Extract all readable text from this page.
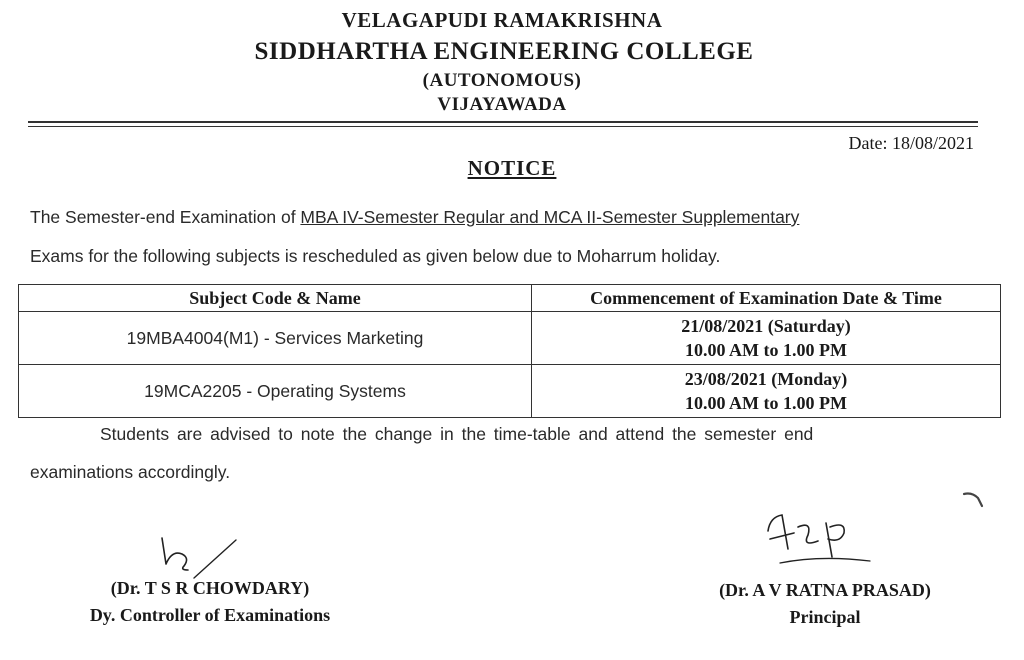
VELAGAPUDI RAMAKRISHNA
SIDDHARTHA ENGINEERING COLLEGE
(AUTONOMOUS)
VIJAYAWADA
Date: 18/08/2021
NOTICE
The Semester-end Examination of MBA IV-Semester Regular and MCA II-Semester Supplementary
Exams for the following subjects is rescheduled as given below due to Moharrum holiday.
Subject Code & Name	Commencement of Examination Date & Time
19MBA4004(M1) - Services Marketing	21/08/2021 (Saturday)
10.00 AM to 1.00 PM

19MCA2205 - Operating Systems	23/08/2021 (Monday)
10.00 AM to 1.00 PM
Students are advised to note the change in the time-table and attend the semester end
examinations accordingly.
(Dr. T S R CHOWDARY)
Dy. Controller of Examinations
(Dr. A V RATNA PRASAD)
Principal
